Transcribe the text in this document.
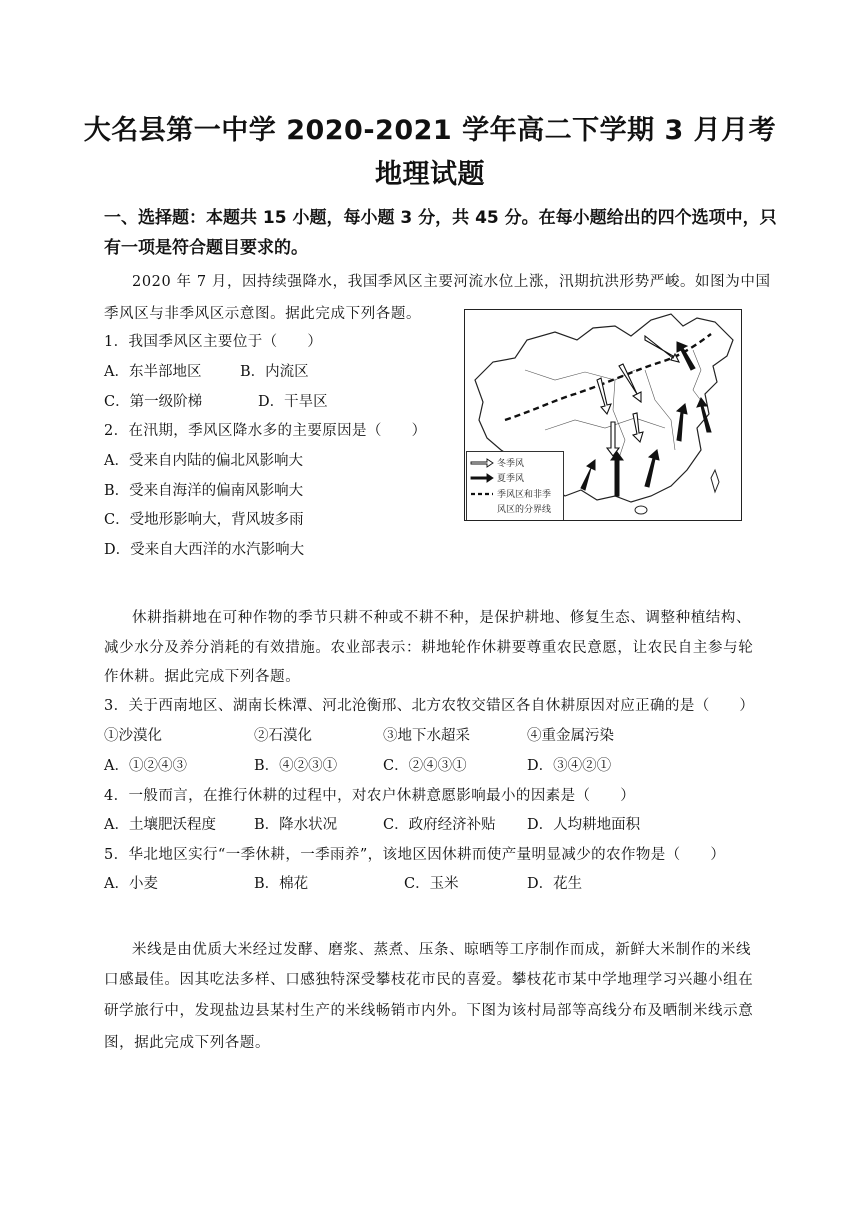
大名县第一中学 2020-2021 学年高二下学期 3 月月考
地理试题
一、选择题：本题共 15 小题，每小题 3 分，共 45 分。在每小题给出的四个选项中，只
有一项是符合题目要求的。
2020 年 7 月，因持续强降水，我国季风区主要河流水位上涨，汛期抗洪形势严峻。如图为中国
季风区与非季风区示意图。据此完成下列各题。
1．我国季风区主要位于（　　）
A．东半部地区	B．内流区
C．第一级阶梯	D．干旱区
2．在汛期，季风区降水多的主要原因是（　　）
A．受来自内陆的偏北风影响大
B．受来自海洋的偏南风影响大
C．受地形影响大，背风坡多雨
D．受来自大西洋的水汽影响大
冬季风
夏季风
季风区和非季
风区的分界线
休耕指耕地在可种作物的季节只耕不种或不耕不种，是保护耕地、修复生态、调整种植结构、
减少水分及养分消耗的有效措施。农业部表示：耕地轮作休耕要尊重农民意愿，让农民自主参与轮
作休耕。据此完成下列各题。
3．关于西南地区、湖南长株潭、河北沧衡邢、北方农牧交错区各自休耕原因对应正确的是（　　）
①沙漠化	②石漠化	③地下水超采	④重金属污染
A．①②④③	B．④②③①	C．②④③①	D．③④②①
4．一般而言，在推行休耕的过程中，对农户休耕意愿影响最小的因素是（　　）
A．土壤肥沃程度	B．降水状况	C．政府经济补贴 D．人均耕地面积
5．华北地区实行“一季休耕，一季雨养”，该地区因休耕而使产量明显减少的农作物是（　　）
A．小麦	B．棉花	C．玉米	D．花生
米线是由优质大米经过发酵、磨浆、蒸煮、压条、晾晒等工序制作而成，新鲜大米制作的米线
口感最佳。因其吃法多样、口感独特深受攀枝花市民的喜爱。攀枝花市某中学地理学习兴趣小组在
研学旅行中，发现盐边县某村生产的米线畅销市内外。下图为该村局部等高线分布及晒制米线示意
图，据此完成下列各题。
